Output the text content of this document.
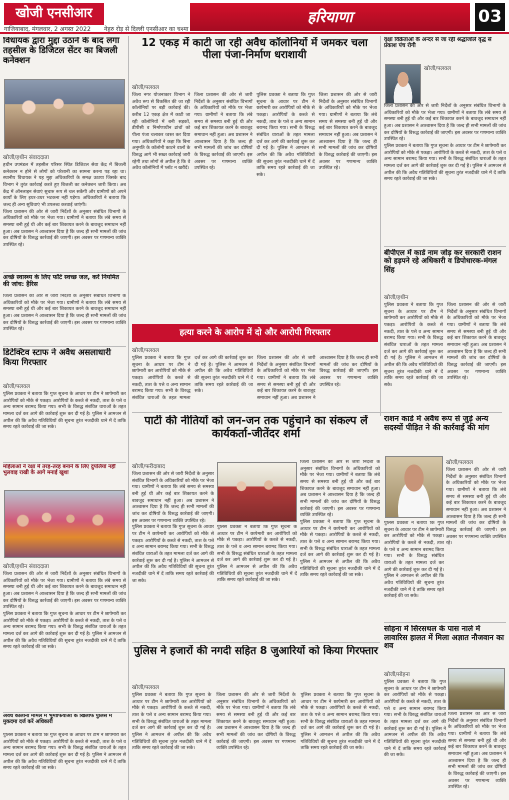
खोजी एनसीआर
गाजियाबाद, मंगलवार, 2 अगस्त 2022 नेहरु रोड़ से दिल्ली एनसीआर का चश्मा
हरियाणा	03
विधायक द्वारा मुद्दा उठाने के बाद लगा तहसील के डिजिटल सेंटर का बिजली कनेक्शन
खोजी/हथीन संवाददाता
हथीन उपमंडल में तहसील परिसर स्थित डिजिटल सेवा केंद्र में बिजली कनेक्शन न होने से लोगों को परेशानी का सामना करना पड़ रहा था। स्थानीय विधायक ने यह मुद्दा अधिकारियों के समक्ष उठाया जिसके बाद विभाग ने तुरंत कार्रवाई करते हुए बिजली का कनेक्शन जारी किया। अब केंद्र में ऑनलाइन सेवाएं सुचारु रूप से चल सकेंगी और ग्रामीणों को अपने कार्यों के लिए इधर-उधर भटकना नहीं पड़ेगा। अधिकारियों ने बताया कि जल्द ही अन्य सुविधाएं भी उपलब्ध करवाई जाएंगी।
जिला प्रशासन की ओर से जारी निर्देशों के अनुसार संबंधित विभागों के अधिकारियों को मौके पर भेजा गया। ग्रामीणों ने बताया कि लंबे समय से समस्या बनी हुई थी और कई बार शिकायत करने के बावजूद समाधान नहीं हुआ। अब प्रशासन ने आश्वासन दिया है कि जल्द ही सभी मामलों की जांच कर दोषियों के विरुद्ध कार्रवाई की जाएगी। इस अवसर पर गणमान्य व्यक्ति उपस्थित रहे।
अच्छे स्वास्थ्य के लिए फॉर्ट स्वच्छ जल, करें नियमित की जांच: हैरिस
जिला प्रशासन की ओर से जारी निर्देशों के अनुसार संबंधित विभागों के अधिकारियों को मौके पर भेजा गया। ग्रामीणों ने बताया कि लंबे समय से समस्या बनी हुई थी और कई बार शिकायत करने के बावजूद समाधान नहीं हुआ। अब प्रशासन ने आश्वासन दिया है कि जल्द ही सभी मामलों की जांच कर दोषियों के विरुद्ध कार्रवाई की जाएगी। इस अवसर पर गणमान्य व्यक्ति उपस्थित रहे।
डिटेक्टिव स्टाफ ने अवैध असलाधारी किया गिरफ्तार
खोजी/पलवल
पुलिस प्रवक्ता ने बताया कि गुप्त सूचना के आधार पर टीम ने छापेमारी कर आरोपियों को मौके से पकड़ा। आरोपियों के कब्जे से नकदी, ताश के पत्ते व अन्य सामान बरामद किया गया। सभी के विरुद्ध संबंधित धाराओं के तहत मामला दर्ज कर आगे की कार्रवाई शुरू कर दी गई है। पुलिस ने आमजन से अपील की कि अवैध गतिविधियों की सूचना तुरंत नजदीकी थाने में दें ताकि समय रहते कार्रवाई की जा सके।
महिलाओं ने रक्षा में तरह-तरह बनाने के लिए दुपलियां नहीं भुलवाइ राखी के आगे मनाई खुशा
खोजी/हथीन संवाददाता
जिला प्रशासन की ओर से जारी निर्देशों के अनुसार संबंधित विभागों के अधिकारियों को मौके पर भेजा गया। ग्रामीणों ने बताया कि लंबे समय से समस्या बनी हुई थी और कई बार शिकायत करने के बावजूद समाधान नहीं हुआ। अब प्रशासन ने आश्वासन दिया है कि जल्द ही सभी मामलों की जांच कर दोषियों के विरुद्ध कार्रवाई की जाएगी। इस अवसर पर गणमान्य व्यक्ति उपस्थित रहे।
पुलिस प्रवक्ता ने बताया कि गुप्त सूचना के आधार पर टीम ने छापेमारी कर आरोपियों को मौके से पकड़ा। आरोपियों के कब्जे से नकदी, ताश के पत्ते व अन्य सामान बरामद किया गया। सभी के विरुद्ध संबंधित धाराओं के तहत मामला दर्ज कर आगे की कार्रवाई शुरू कर दी गई है। पुलिस ने आमजन से अपील की कि अवैध गतिविधियों की सूचना तुरंत नजदीकी थाने में दें ताकि समय रहते कार्रवाई की जा सके।
अवैध कॉलोनी मामले में भूमाफियाओं के खिलाफ पुलिस में मुकदमा दर्ज करें अधिकारी
पुलिस प्रवक्ता ने बताया कि गुप्त सूचना के आधार पर टीम ने छापेमारी कर आरोपियों को मौके से पकड़ा। आरोपियों के कब्जे से नकदी, ताश के पत्ते व अन्य सामान बरामद किया गया। सभी के विरुद्ध संबंधित धाराओं के तहत मामला दर्ज कर आगे की कार्रवाई शुरू कर दी गई है। पुलिस ने आमजन से अपील की कि अवैध गतिविधियों की सूचना तुरंत नजदीकी थाने में दें ताकि समय रहते कार्रवाई की जा सके।
12 एकड़ में काटी जा रही अवैध कॉलोनियों में जमकर चला पीला पंजा-निर्माण धराशायी
खोजी/पलवल
जिला नगर योजनाकार विभाग ने अवैध रूप से विकसित की जा रही कॉलोनियों पर बड़ी कार्रवाई की। करीब 12 एकड़ क्षेत्र में काटी जा रही कॉलोनियों में बनी सड़कों, डीपीसी व निर्माणाधीन ढांचों को पीला पंजा चलाकर ध्वस्त कर दिया गया। अधिकारियों ने कहा कि बिना अनुमति के कॉलोनी काटने वालों के विरुद्ध आगे भी सख्त कार्रवाई जारी रहेगी तथा लोगों से अपील है कि वे अवैध कॉलोनियों में प्लॉट न खरीदें।
जिला प्रशासन की ओर से जारी निर्देशों के अनुसार संबंधित विभागों के अधिकारियों को मौके पर भेजा गया। ग्रामीणों ने बताया कि लंबे समय से समस्या बनी हुई थी और कई बार शिकायत करने के बावजूद समाधान नहीं हुआ। अब प्रशासन ने आश्वासन दिया है कि जल्द ही सभी मामलों की जांच कर दोषियों के विरुद्ध कार्रवाई की जाएगी। इस अवसर पर गणमान्य व्यक्ति उपस्थित रहे।
पुलिस प्रवक्ता ने बताया कि गुप्त सूचना के आधार पर टीम ने छापेमारी कर आरोपियों को मौके से पकड़ा। आरोपियों के कब्जे से नकदी, ताश के पत्ते व अन्य सामान बरामद किया गया। सभी के विरुद्ध संबंधित धाराओं के तहत मामला दर्ज कर आगे की कार्रवाई शुरू कर दी गई है। पुलिस ने आमजन से अपील की कि अवैध गतिविधियों की सूचना तुरंत नजदीकी थाने में दें ताकि समय रहते कार्रवाई की जा सके।
जिला प्रशासन की ओर से जारी निर्देशों के अनुसार संबंधित विभागों के अधिकारियों को मौके पर भेजा गया। ग्रामीणों ने बताया कि लंबे समय से समस्या बनी हुई थी और कई बार शिकायत करने के बावजूद समाधान नहीं हुआ। अब प्रशासन ने आश्वासन दिया है कि जल्द ही सभी मामलों की जांच कर दोषियों के विरुद्ध कार्रवाई की जाएगी। इस अवसर पर गणमान्य व्यक्ति उपस्थित रहे।
हत्या करने के आरोप में दो और आरोपी गिरफ्तार
खोजी/पलवल
पुलिस प्रवक्ता ने बताया कि गुप्त सूचना के आधार पर टीम ने छापेमारी कर आरोपियों को मौके से पकड़ा। आरोपियों के कब्जे से नकदी, ताश के पत्ते व अन्य सामान बरामद किया गया। सभी के विरुद्ध संबंधित धाराओं के तहत मामला दर्ज कर आगे की कार्रवाई शुरू कर दी गई है। पुलिस ने आमजन से अपील की कि अवैध गतिविधियों की सूचना तुरंत नजदीकी थाने में दें ताकि समय रहते कार्रवाई की जा सके।
जिला प्रशासन की ओर से जारी निर्देशों के अनुसार संबंधित विभागों के अधिकारियों को मौके पर भेजा गया। ग्रामीणों ने बताया कि लंबे समय से समस्या बनी हुई थी और कई बार शिकायत करने के बावजूद समाधान नहीं हुआ। अब प्रशासन ने आश्वासन दिया है कि जल्द ही सभी मामलों की जांच कर दोषियों के विरुद्ध कार्रवाई की जाएगी। इस अवसर पर गणमान्य व्यक्ति उपस्थित रहे।
पार्टी की नीतियों को जन-जन तक पहुंचाने का संकल्प लें कार्यकर्ता-जीतेंदर शर्मा
खोजी/फरीदाबाद
जिला प्रशासन की ओर से जारी निर्देशों के अनुसार संबंधित विभागों के अधिकारियों को मौके पर भेजा गया। ग्रामीणों ने बताया कि लंबे समय से समस्या बनी हुई थी और कई बार शिकायत करने के बावजूद समाधान नहीं हुआ। अब प्रशासन ने आश्वासन दिया है कि जल्द ही सभी मामलों की जांच कर दोषियों के विरुद्ध कार्रवाई की जाएगी। इस अवसर पर गणमान्य व्यक्ति उपस्थित रहे।
पुलिस प्रवक्ता ने बताया कि गुप्त सूचना के आधार पर टीम ने छापेमारी कर आरोपियों को मौके से पकड़ा। आरोपियों के कब्जे से नकदी, ताश के पत्ते व अन्य सामान बरामद किया गया। सभी के विरुद्ध संबंधित धाराओं के तहत मामला दर्ज कर आगे की कार्रवाई शुरू कर दी गई है। पुलिस ने आमजन से अपील की कि अवैध गतिविधियों की सूचना तुरंत नजदीकी थाने में दें ताकि समय रहते कार्रवाई की जा सके।
पुलिस प्रवक्ता ने बताया कि गुप्त सूचना के आधार पर टीम ने छापेमारी कर आरोपियों को मौके से पकड़ा। आरोपियों के कब्जे से नकदी, ताश के पत्ते व अन्य सामान बरामद किया गया। सभी के विरुद्ध संबंधित धाराओं के तहत मामला दर्ज कर आगे की कार्रवाई शुरू कर दी गई है। पुलिस ने आमजन से अपील की कि अवैध गतिविधियों की सूचना तुरंत नजदीकी थाने में दें ताकि समय रहते कार्रवाई की जा सके।
जिला प्रशासन की ओर से जारी निर्देशों के अनुसार संबंधित विभागों के अधिकारियों को मौके पर भेजा गया। ग्रामीणों ने बताया कि लंबे समय से समस्या बनी हुई थी और कई बार शिकायत करने के बावजूद समाधान नहीं हुआ। अब प्रशासन ने आश्वासन दिया है कि जल्द ही सभी मामलों की जांच कर दोषियों के विरुद्ध कार्रवाई की जाएगी। इस अवसर पर गणमान्य व्यक्ति उपस्थित रहे।
पुलिस प्रवक्ता ने बताया कि गुप्त सूचना के आधार पर टीम ने छापेमारी कर आरोपियों को मौके से पकड़ा। आरोपियों के कब्जे से नकदी, ताश के पत्ते व अन्य सामान बरामद किया गया। सभी के विरुद्ध संबंधित धाराओं के तहत मामला दर्ज कर आगे की कार्रवाई शुरू कर दी गई है। पुलिस ने आमजन से अपील की कि अवैध गतिविधियों की सूचना तुरंत नजदीकी थाने में दें ताकि समय रहते कार्रवाई की जा सके।
पुलिस ने हजारों की नगदी सहित 8 जुआरियों को किया गिरफ्तार
खोजी/पलवल
पुलिस प्रवक्ता ने बताया कि गुप्त सूचना के आधार पर टीम ने छापेमारी कर आरोपियों को मौके से पकड़ा। आरोपियों के कब्जे से नकदी, ताश के पत्ते व अन्य सामान बरामद किया गया। सभी के विरुद्ध संबंधित धाराओं के तहत मामला दर्ज कर आगे की कार्रवाई शुरू कर दी गई है। पुलिस ने आमजन से अपील की कि अवैध गतिविधियों की सूचना तुरंत नजदीकी थाने में दें ताकि समय रहते कार्रवाई की जा सके।
जिला प्रशासन की ओर से जारी निर्देशों के अनुसार संबंधित विभागों के अधिकारियों को मौके पर भेजा गया। ग्रामीणों ने बताया कि लंबे समय से समस्या बनी हुई थी और कई बार शिकायत करने के बावजूद समाधान नहीं हुआ। अब प्रशासन ने आश्वासन दिया है कि जल्द ही सभी मामलों की जांच कर दोषियों के विरुद्ध कार्रवाई की जाएगी। इस अवसर पर गणमान्य व्यक्ति उपस्थित रहे।
पुलिस प्रवक्ता ने बताया कि गुप्त सूचना के आधार पर टीम ने छापेमारी कर आरोपियों को मौके से पकड़ा। आरोपियों के कब्जे से नकदी, ताश के पत्ते व अन्य सामान बरामद किया गया। सभी के विरुद्ध संबंधित धाराओं के तहत मामला दर्ज कर आगे की कार्रवाई शुरू कर दी गई है। पुलिस ने आमजन से अपील की कि अवैध गतिविधियों की सूचना तुरंत नजदीकी थाने में दें ताकि समय रहते कार्रवाई की जा सके।
वृक्षा विक्रेताओं के अन्दर से जा रही श्रद्धांजलि वृद्ध से प्रकाश पंच रोगी
खोजी/पलवल
जिला प्रशासन की ओर से जारी निर्देशों के अनुसार संबंधित विभागों के अधिकारियों को मौके पर भेजा गया। ग्रामीणों ने बताया कि लंबे समय से समस्या बनी हुई थी और कई बार शिकायत करने के बावजूद समाधान नहीं हुआ। अब प्रशासन ने आश्वासन दिया है कि जल्द ही सभी मामलों की जांच कर दोषियों के विरुद्ध कार्रवाई की जाएगी। इस अवसर पर गणमान्य व्यक्ति उपस्थित रहे।
पुलिस प्रवक्ता ने बताया कि गुप्त सूचना के आधार पर टीम ने छापेमारी कर आरोपियों को मौके से पकड़ा। आरोपियों के कब्जे से नकदी, ताश के पत्ते व अन्य सामान बरामद किया गया। सभी के विरुद्ध संबंधित धाराओं के तहत मामला दर्ज कर आगे की कार्रवाई शुरू कर दी गई है। पुलिस ने आमजन से अपील की कि अवैध गतिविधियों की सूचना तुरंत नजदीकी थाने में दें ताकि समय रहते कार्रवाई की जा सके।
बीपीएल में कार्ड नाम जोड़ कर सरकारी राशन को हड़पने रहे अधिकारी व डिपोधारक-मंगल सिंह
खोजी/हथीन
पुलिस प्रवक्ता ने बताया कि गुप्त सूचना के आधार पर टीम ने छापेमारी कर आरोपियों को मौके से पकड़ा। आरोपियों के कब्जे से नकदी, ताश के पत्ते व अन्य सामान बरामद किया गया। सभी के विरुद्ध संबंधित धाराओं के तहत मामला दर्ज कर आगे की कार्रवाई शुरू कर दी गई है। पुलिस ने आमजन से अपील की कि अवैध गतिविधियों की सूचना तुरंत नजदीकी थाने में दें ताकि समय रहते कार्रवाई की जा सके।
जिला प्रशासन की ओर से जारी निर्देशों के अनुसार संबंधित विभागों के अधिकारियों को मौके पर भेजा गया। ग्रामीणों ने बताया कि लंबे समय से समस्या बनी हुई थी और कई बार शिकायत करने के बावजूद समाधान नहीं हुआ। अब प्रशासन ने आश्वासन दिया है कि जल्द ही सभी मामलों की जांच कर दोषियों के विरुद्ध कार्रवाई की जाएगी। इस अवसर पर गणमान्य व्यक्ति उपस्थित रहे।
राशन कार्ड में अवैध रूप से जुड़े अन्य सदस्यों पीड़ित ने की कार्रवाई की मांग
खोजी/पलवल
जिला प्रशासन की ओर से जारी निर्देशों के अनुसार संबंधित विभागों के अधिकारियों को मौके पर भेजा गया। ग्रामीणों ने बताया कि लंबे समय से समस्या बनी हुई थी और कई बार शिकायत करने के बावजूद समाधान नहीं हुआ। अब प्रशासन ने आश्वासन दिया है कि जल्द ही सभी मामलों की जांच कर दोषियों के विरुद्ध कार्रवाई की जाएगी। इस अवसर पर गणमान्य व्यक्ति उपस्थित रहे।
पुलिस प्रवक्ता ने बताया कि गुप्त सूचना के आधार पर टीम ने छापेमारी कर आरोपियों को मौके से पकड़ा। आरोपियों के कब्जे से नकदी, ताश के पत्ते व अन्य सामान बरामद किया गया। सभी के विरुद्ध संबंधित धाराओं के तहत मामला दर्ज कर आगे की कार्रवाई शुरू कर दी गई है। पुलिस ने आमजन से अपील की कि अवैध गतिविधियों की सूचना तुरंत नजदीकी थाने में दें ताकि समय रहते कार्रवाई की जा सके।
सोहना में सिरसथल के पास नाले में लावारिस हालत में मिला अज्ञात नौजवान का शव
खोजी/सोहना
पुलिस प्रवक्ता ने बताया कि गुप्त सूचना के आधार पर टीम ने छापेमारी कर आरोपियों को मौके से पकड़ा। आरोपियों के कब्जे से नकदी, ताश के पत्ते व अन्य सामान बरामद किया गया। सभी के विरुद्ध संबंधित धाराओं के तहत मामला दर्ज कर आगे की कार्रवाई शुरू कर दी गई है। पुलिस ने आमजन से अपील की कि अवैध गतिविधियों की सूचना तुरंत नजदीकी थाने में दें ताकि समय रहते कार्रवाई की जा सके।
जिला प्रशासन की ओर से जारी निर्देशों के अनुसार संबंधित विभागों के अधिकारियों को मौके पर भेजा गया। ग्रामीणों ने बताया कि लंबे समय से समस्या बनी हुई थी और कई बार शिकायत करने के बावजूद समाधान नहीं हुआ। अब प्रशासन ने आश्वासन दिया है कि जल्द ही सभी मामलों की जांच कर दोषियों के विरुद्ध कार्रवाई की जाएगी। इस अवसर पर गणमान्य व्यक्ति उपस्थित रहे।
